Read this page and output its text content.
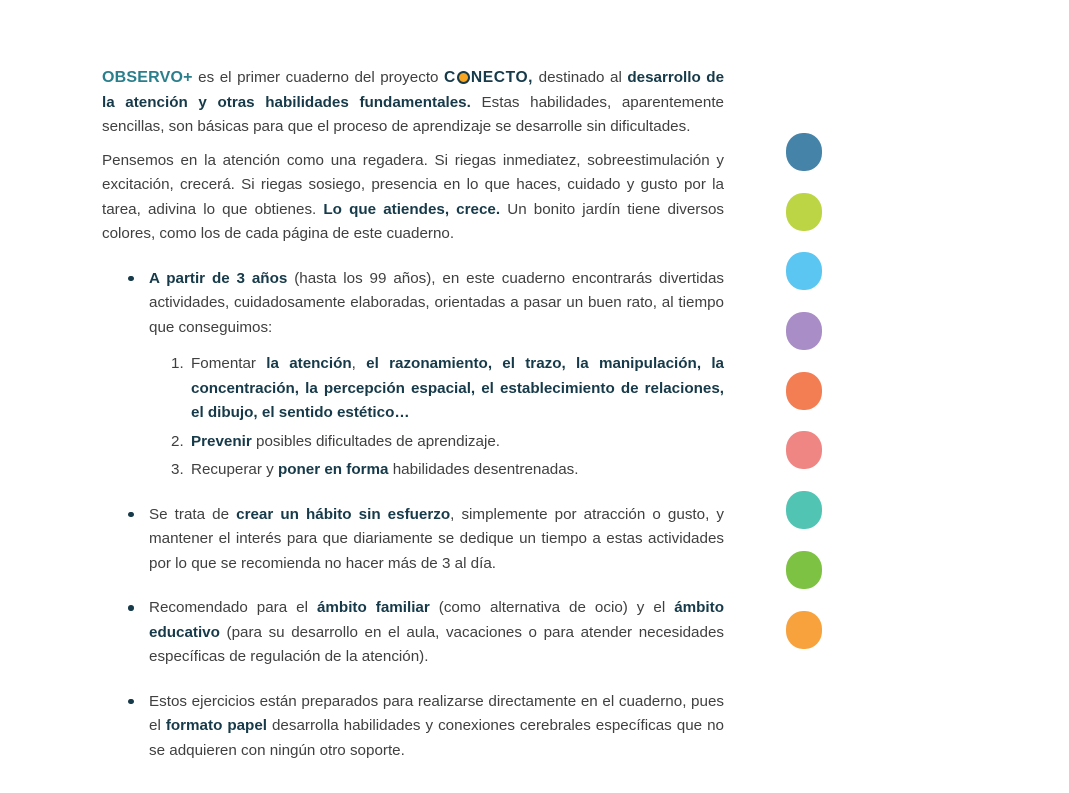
OBSERVO+ es el primer cuaderno del proyecto C NECTO, destinado al desarrollo de la atención y otras habilidades fundamentales. Estas habilidades, aparentemente sencillas, son básicas para que el proceso de aprendizaje se desarrolle sin dificultades.

Pensemos en la atención como una regadera. Si riegas inmediatez, sobreestimulación y excitación, crecerá. Si riegas sosiego, presencia en lo que haces, cuidado y gusto por la tarea, adivina lo que obtienes. Lo que atiendes, crece. Un bonito jardín tiene diversos colores, como los de cada página de este cuaderno.

A partir de 3 años (hasta los 99 años), en este cuaderno encontrarás divertidas actividades, cuidadosamente elaboradas, orientadas a pasar un buen rato, al tiempo que conseguimos:
1. Fomentar la atención, el razonamiento, el trazo, la manipulación, la concentración, la percepción espacial, el establecimiento de relaciones, el dibujo, el sentido estético…
2. Prevenir posibles dificultades de aprendizaje.
3. Recuperar y poner en forma habilidades desentrenadas.
Se trata de crear un hábito sin esfuerzo, simplemente por atracción o gusto, y mantener el interés para que diariamente se dedique un tiempo a estas actividades por lo que se recomienda no hacer más de 3 al día.
Recomendado para el ámbito familiar (como alternativa de ocio) y el ámbito educativo (para su desarrollo en el aula, vacaciones o para atender necesidades específicas de regulación de la atención).
Estos ejercicios están preparados para realizarse directamente en el cuaderno, pues el formato papel desarrolla habilidades y conexiones cerebrales específicas que no se adquieren con ningún otro soporte.
